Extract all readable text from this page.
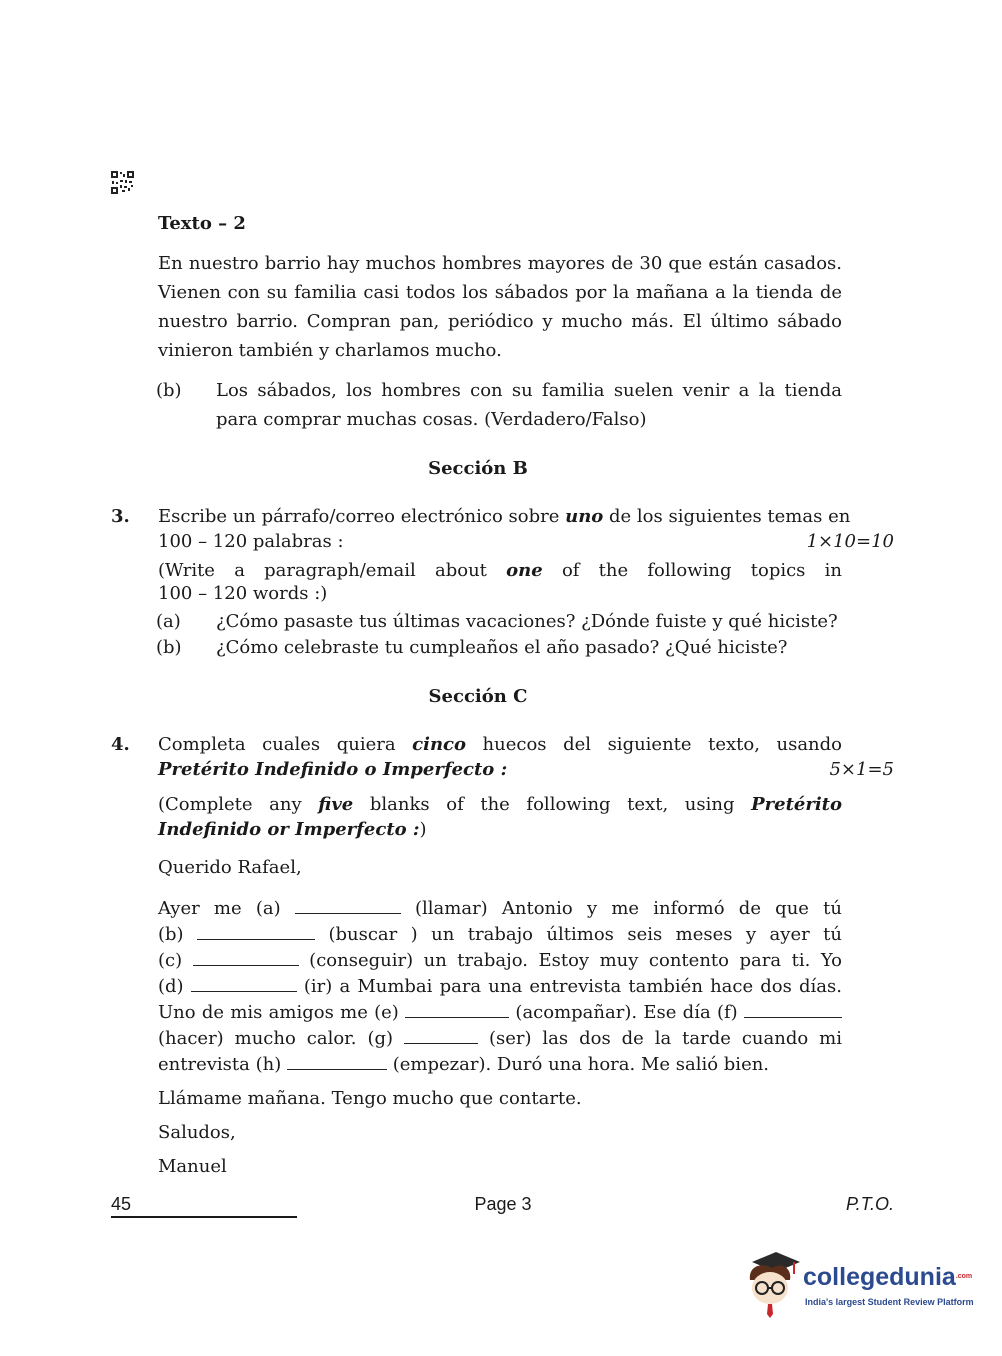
Texto – 2
En nuestro barrio hay muchos hombres mayores de 30 que están casados.
Vienen con su familia casi todos los sábados por la mañana a la tienda de
nuestro barrio. Compran pan, periódico y mucho más. El último sábado
vinieron también y charlamos mucho.
(b) Los sábados, los hombres con su familia suelen venir a la tienda
para comprar muchas cosas. (Verdadero/Falso)
Sección B
3. Escribe un párrafo/correo electrónico sobre uno de los siguientes temas en
100 – 120 palabras :	1×10=10
(Write a paragraph/email about one of the following topics in
100 – 120 words :)
(a) ¿Cómo pasaste tus últimas vacaciones? ¿Dónde fuiste y qué hiciste?
(b) ¿Cómo celebraste tu cumpleaños el año pasado? ¿Qué hiciste?
Sección C
4. Completa cuales quiera cinco huecos del siguiente texto, usando
Pretérito Indefinido o Imperfecto :	5×1=5
(Complete any five blanks of the following text, using Pretérito
Indefinido or Imperfecto :)
Querido Rafael,
Ayer me (a)	(llamar) Antonio y me informó de que tú
(b)	(buscar ) un trabajo últimos seis meses y ayer tú
(c)	(conseguir) un trabajo. Estoy muy contento para ti. Yo
(d)	(ir) a Mumbai para una entrevista también hace dos días.
Uno de mis amigos me (e)	(acompañar). Ese día (f)
(hacer) mucho calor. (g)	(ser) las dos de la tarde cuando mi
entrevista (h)	(empezar). Duró una hora. Me salió bien.
Llámame mañana. Tengo mucho que contarte.
Saludos,
Manuel
45	Page 3	P.T.O.
collegedunia$^{.com}$
India's largest Student Review Platform
